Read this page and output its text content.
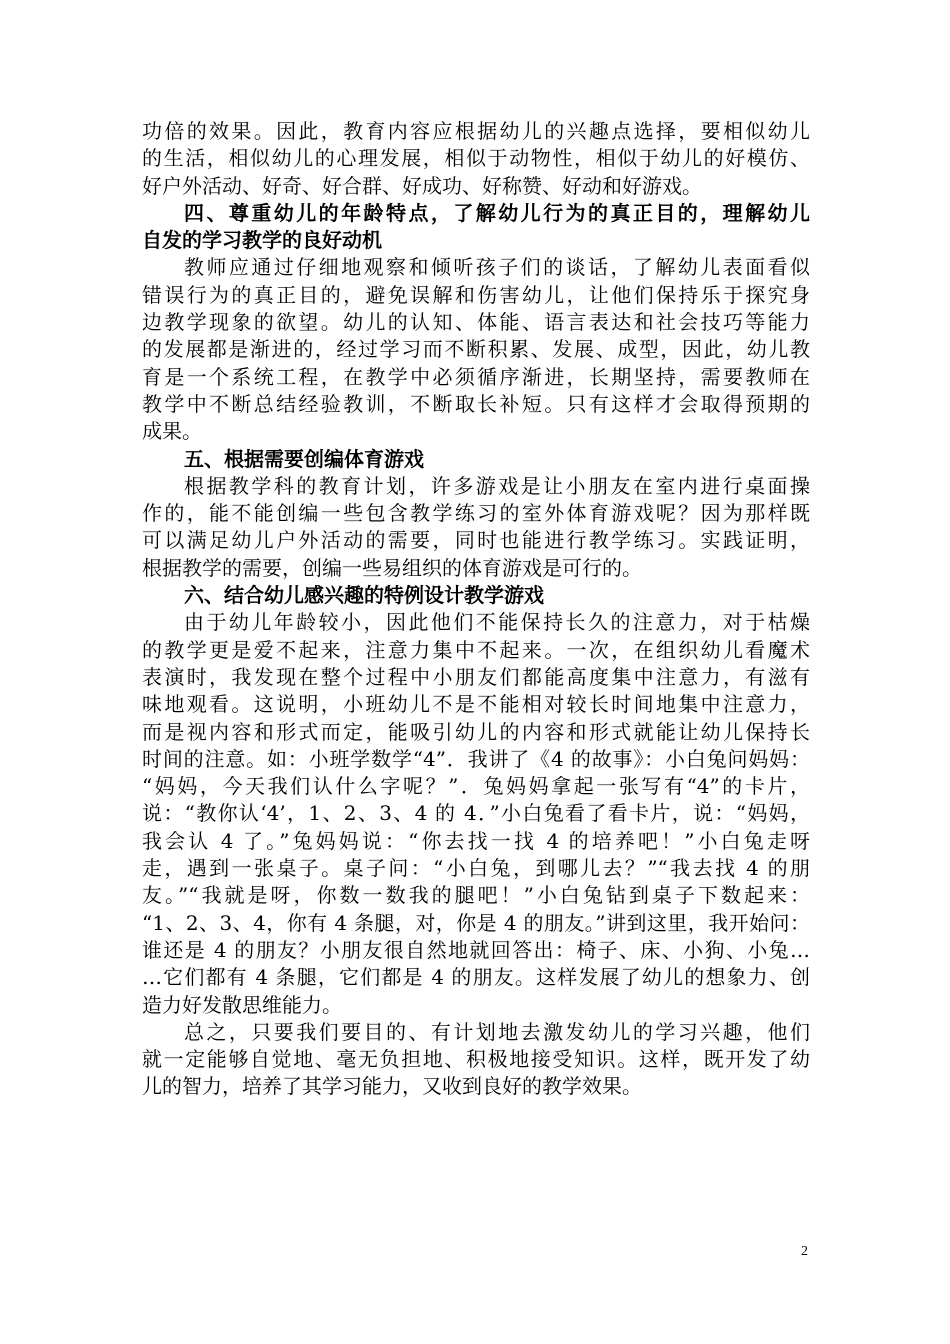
功倍的效果。因此，教育内容应根据幼儿的兴趣点选择，要相似幼儿

的生活，相似幼儿的心理发展，相似于动物性，相似于幼儿的好模仿、

好户外活动、好奇、好合群、好成功、好称赞、好动和好游戏。

四、尊重幼儿的年龄特点，了解幼儿行为的真正目的，理解幼儿

自发的学习教学的良好动机

教师应通过仔细地观察和倾听孩子们的谈话，了解幼儿表面看似

错误行为的真正目的，避免误解和伤害幼儿，让他们保持乐于探究身

边教学现象的欲望。幼儿的认知、体能、语言表达和社会技巧等能力

的发展都是渐进的，经过学习而不断积累、发展、成型，因此，幼儿教

育是一个系统工程，在教学中必须循序渐进，长期坚持，需要教师在

教学中不断总结经验教训，不断取长补短。只有这样才会取得预期的

成果。

五、根据需要创编体育游戏

根据教学科的教育计划，许多游戏是让小朋友在室内进行桌面操

作的，能不能创编一些包含教学练习的室外体育游戏呢？因为那样既

可以满足幼儿户外活动的需要，同时也能进行教学练习。实践证明，

根据教学的需要，创编一些易组织的体育游戏是可行的。

六、结合幼儿感兴趣的特例设计教学游戏

由于幼儿年龄较小，因此他们不能保持长久的注意力，对于枯燥

的教学更是爱不起来，注意力集中不起来。一次，在组织幼儿看魔术

表演时，我发现在整个过程中小朋友们都能高度集中注意力，有滋有

味地观看。这说明，小班幼儿不是不能相对较长时间地集中注意力，

而是视内容和形式而定，能吸引幼儿的内容和形式就能让幼儿保持长

时间的注意。如：小班学数学“4”．我讲了《4 的故事》：小白兔问妈妈：

“妈妈，今天我们认什么字呢？”．兔妈妈拿起一张写有“4”的卡片，

说：“教你认‘4’，1、2、3、4 的 4．”小白兔看了看卡片，说：“妈妈，

我会认 4 了。”兔妈妈说：“你去找一找 4 的培养吧！”小白兔走呀

走，遇到一张桌子。桌子问：“小白兔，到哪儿去？”“我去找 4 的朋

友。”“我就是呀，你数一数我的腿吧！”小白兔钻到桌子下数起来：

“1、2、3、4，你有 4 条腿，对，你是 4 的朋友。”讲到这里，我开始问：

谁还是 4 的朋友？小朋友很自然地就回答出：椅子、床、小狗、小兔…

…它们都有 4 条腿，它们都是 4 的朋友。这样发展了幼儿的想象力、创

造力好发散思维能力。

总之，只要我们要目的、有计划地去激发幼儿的学习兴趣，他们

就一定能够自觉地、毫无负担地、积极地接受知识。这样，既开发了幼

儿的智力，培养了其学习能力，又收到良好的教学效果。

2
